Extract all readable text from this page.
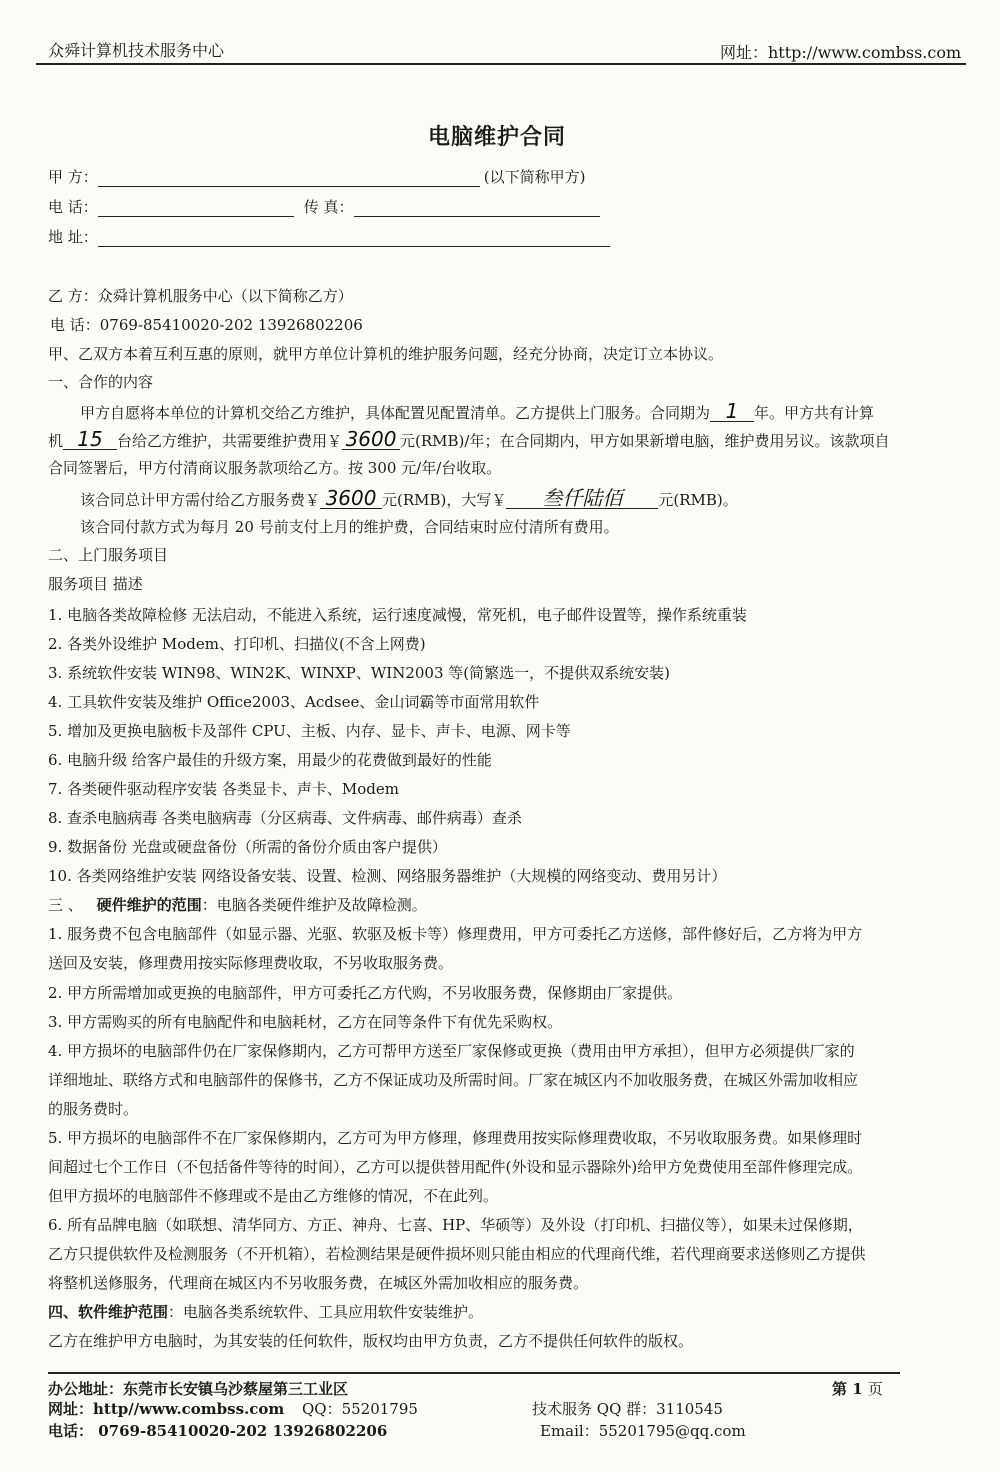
众舜计算机技术服务中心	网址：http://www.combss.com
电脑维护合同
甲 方：	(以下简称甲方)
电 话：	传 真：
地 址：
乙 方：众舜计算机服务中心（以下简称乙方）
电 话：0769-85410020-202 13926802206
甲、乙双方本着互利互惠的原则，就甲方单位计算机的维护服务问题，经充分协商，决定订立本协议。
一、合作的内容
甲方自愿将本单位的计算机交给乙方维护，具体配置见配置清单。乙方提供上门服务。合同期为 1 年。甲方共有计算
机 15 台给乙方维护，共需要维护费用￥ 3600 元(RMB)/年；在合同期内，甲方如果新增电脑，维护费用另议。该款项自
合同签署后，甲方付清商议服务款项给乙方。按 300 元/年/台收取。
该合同总计甲方需付给乙方服务费￥ 3600 元(RMB)，大写￥ 叁仟陆佰 元(RMB)。
该合同付款方式为每月 20 号前支付上月的维护费，合同结束时应付清所有费用。
二、上门服务项目
服务项目 描述
1. 电脑各类故障检修 无法启动，不能进入系统，运行速度减慢，常死机，电子邮件设置等，操作系统重装
2. 各类外设维护 Modem、打印机、扫描仪(不含上网费)
3. 系统软件安装 WIN98、WIN2K、WINXP、WIN2003 等(简繁选一，不提供双系统安装)
4. 工具软件安装及维护 Office2003、Acdsee、金山词霸等市面常用软件
5. 增加及更换电脑板卡及部件 CPU、主板、内存、显卡、声卡、电源、网卡等
6. 电脑升级 给客户最佳的升级方案，用最少的花费做到最好的性能
7. 各类硬件驱动程序安装 各类显卡、声卡、Modem
8. 查杀电脑病毒 各类电脑病毒（分区病毒、文件病毒、邮件病毒）查杀
9. 数据备份 光盘或硬盘备份（所需的备份介质由客户提供）
10. 各类网络维护安装 网络设备安装、设置、检测、网络服务器维护（大规模的网络变动、费用另计）
三 、 硬件维护的范围：电脑各类硬件维护及故障检测。
1. 服务费不包含电脑部件（如显示器、光驱、软驱及板卡等）修理费用，甲方可委托乙方送修，部件修好后，乙方将为甲方
送回及安装，修理费用按实际修理费收取，不另收取服务费。
2. 甲方所需增加或更换的电脑部件，甲方可委托乙方代购，不另收服务费，保修期由厂家提供。
3. 甲方需购买的所有电脑配件和电脑耗材，乙方在同等条件下有优先采购权。
4. 甲方损坏的电脑部件仍在厂家保修期内，乙方可帮甲方送至厂家保修或更换（费用由甲方承担），但甲方必须提供厂家的
详细地址、联络方式和电脑部件的保修书，乙方不保证成功及所需时间。厂家在城区内不加收服务费，在城区外需加收相应
的服务费时。
5. 甲方损坏的电脑部件不在厂家保修期内，乙方可为甲方修理，修理费用按实际修理费收取，不另收取服务费。如果修理时
间超过七个工作日（不包括备件等待的时间），乙方可以提供替用配件(外设和显示器除外)给甲方免费使用至部件修理完成。
但甲方损坏的电脑部件不修理或不是由乙方维修的情况，不在此列。
6. 所有品牌电脑（如联想、清华同方、方正、神舟、七喜、HP、华硕等）及外设（打印机、扫描仪等），如果未过保修期，
乙方只提供软件及检测服务（不开机箱），若检测结果是硬件损坏则只能由相应的代理商代维，若代理商要求送修则乙方提供
将整机送修服务，代理商在城区内不另收服务费，在城区外需加收相应的服务费。
四、软件维护范围：电脑各类系统软件、工具应用软件安装维护。
乙方在维护甲方电脑时，为其安装的任何软件，版权均由甲方负责，乙方不提供任何软件的版权。
办公地址：东莞市长安镇乌沙蔡屋第三工业区	第 1 页
网址：http//www.combss.com QQ：55201795	技术服务 QQ 群：3110545
电话： 0769-85410020-202 13926802206	Email：55201795@qq.com
